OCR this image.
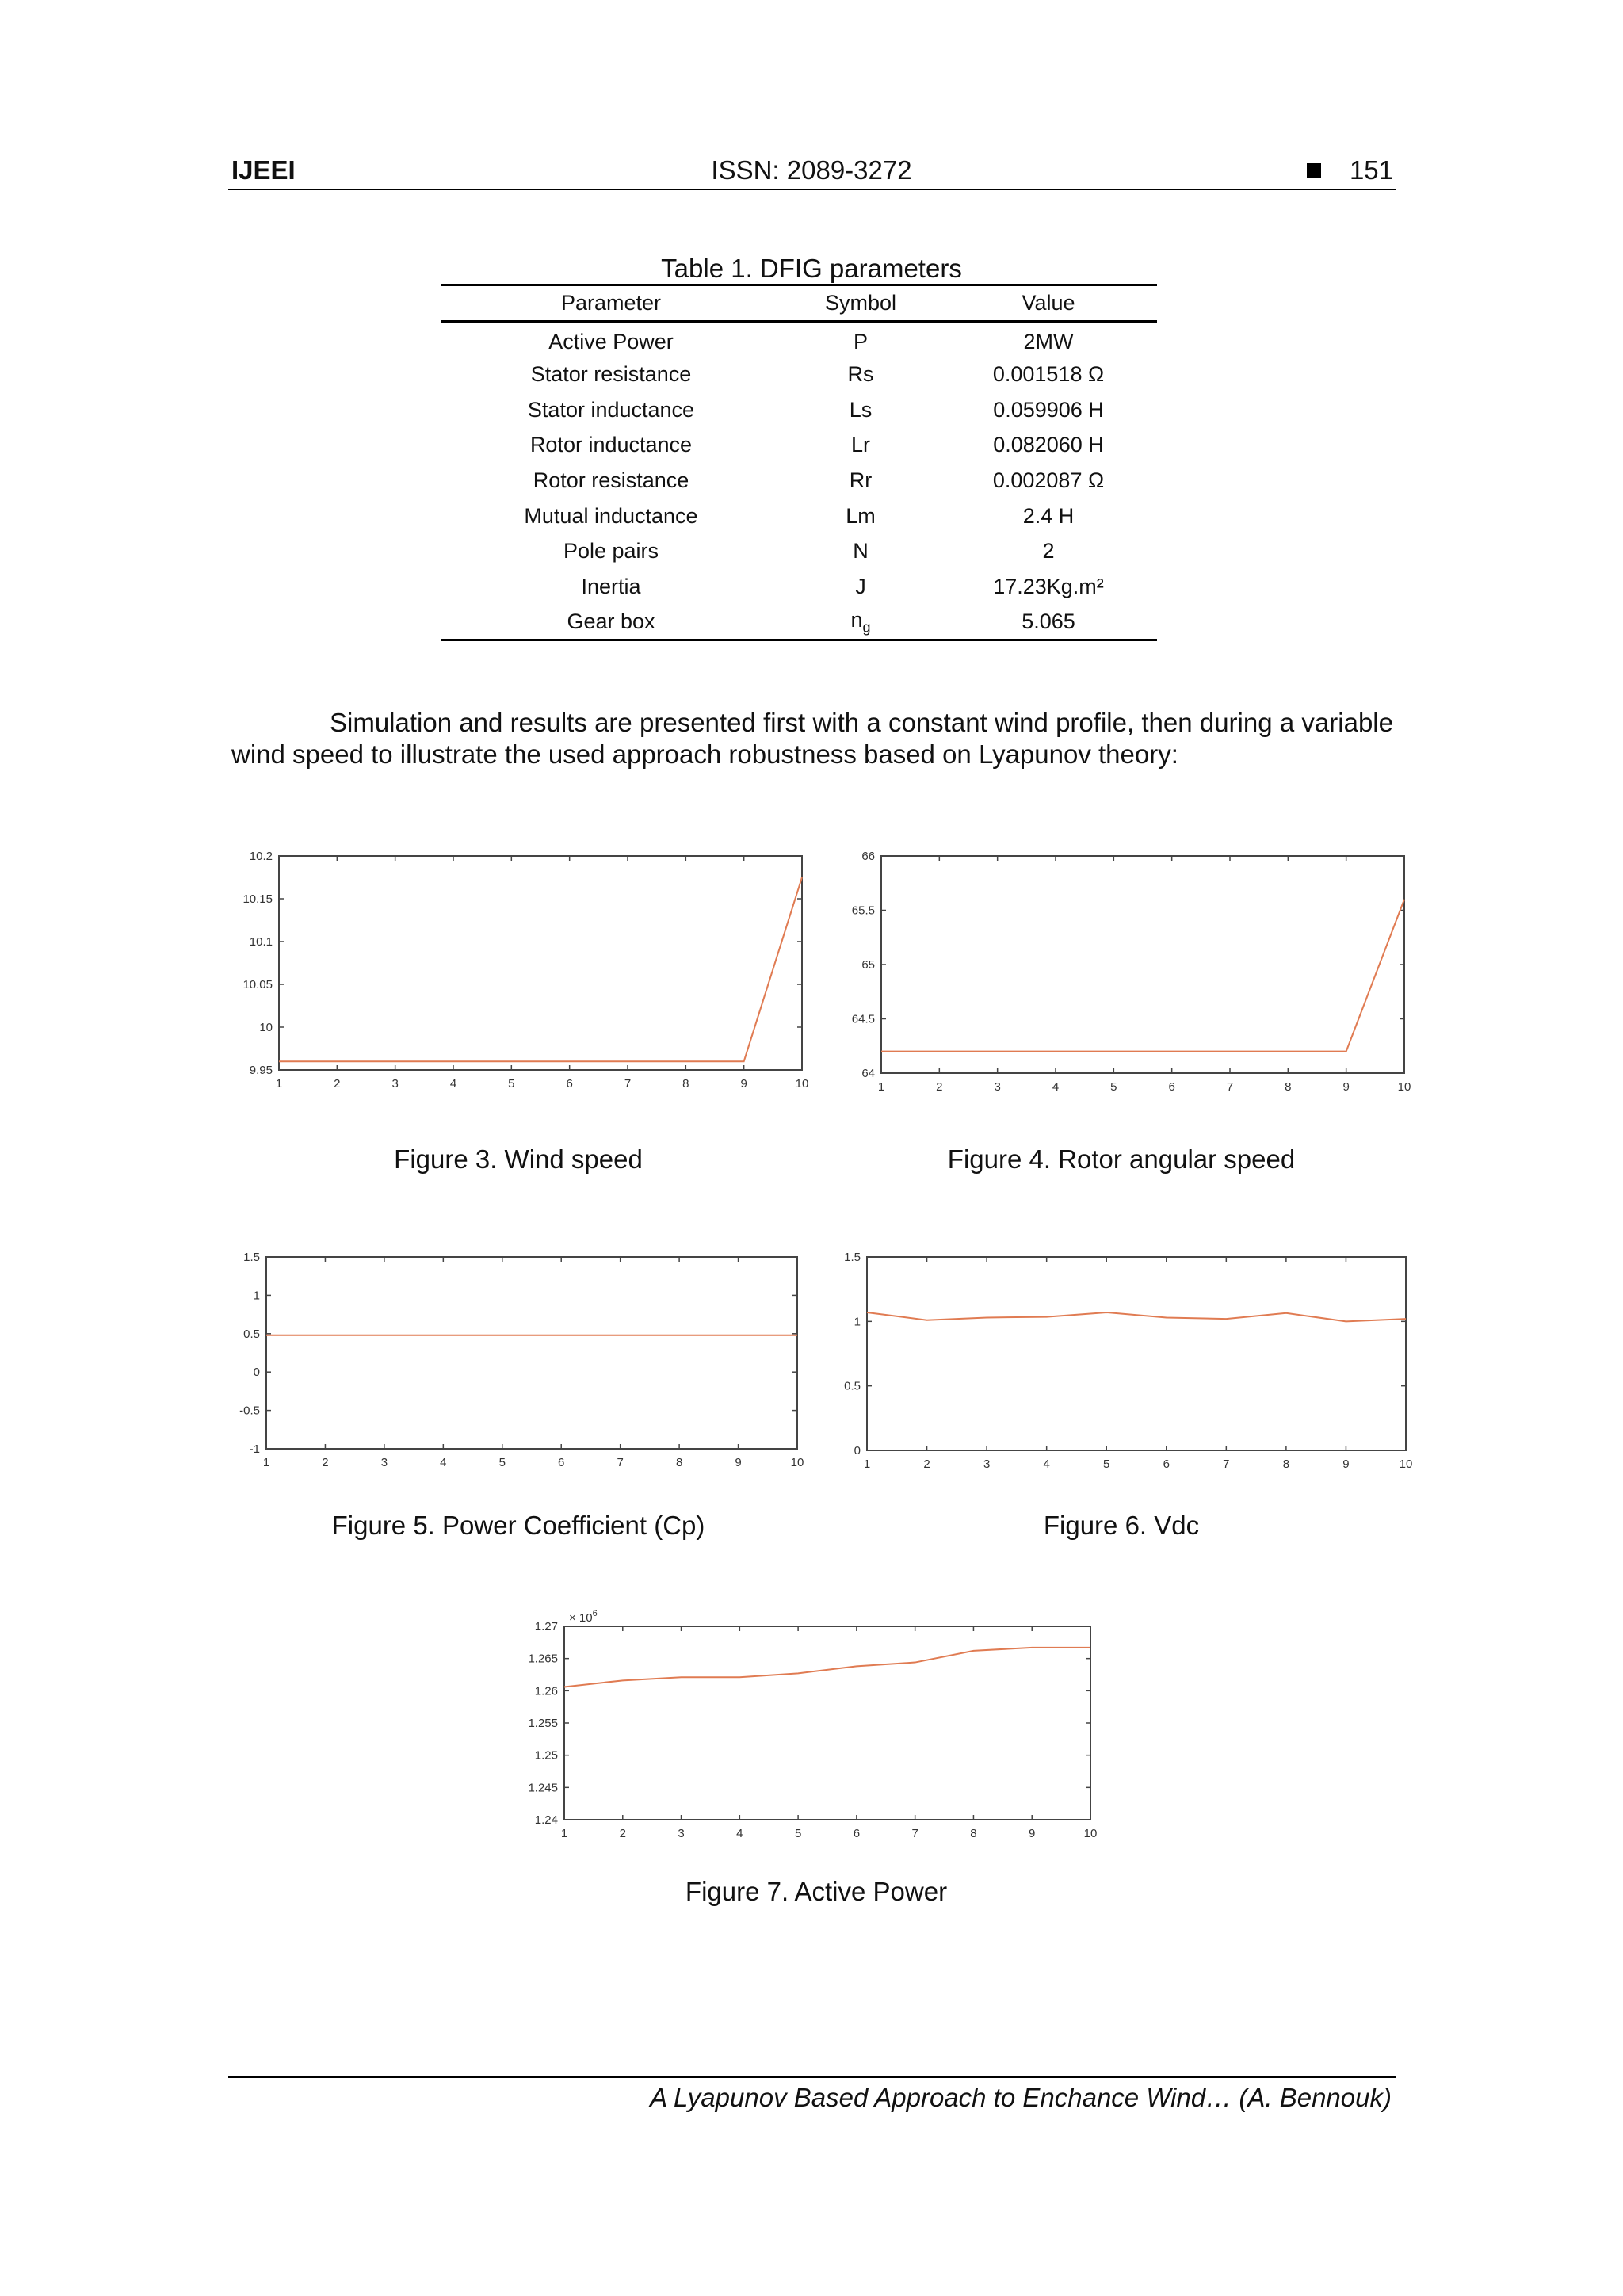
IJEEI	ISSN: 2089-3272	151
Table 1. DFIG parameters
Parameter	Symbol	Value
Active Power	P	2MW
Stator resistance	Rs	0.001518 Ω
Stator inductance	Ls	0.059906 H
Rotor inductance	Lr	0.082060 H
Rotor resistance	Rr	0.002087 Ω
Mutual inductance	Lm	2.4 H
Pole pairs	N	2
Inertia	J	17.23Kg.m²
Gear box	$n_g$	5.065
Simulation and results are presented first with a constant wind profile, then during a variable wind speed to illustrate the used approach robustness based on Lyapunov theory:
1	2	3	4	5	6	7	8	9	10
9.95
10
10.05
10.1
10.15
10.2
Figure 3. Wind speed
1	2	3	4	5	6	7	8	9	10
64
64.5
65
65.5
66
Figure 4. Rotor angular speed
1	2	3	4	5	6	7	8	9	10
-1
-0.5
0
0.5
1
1.5
Figure 5. Power Coefficient (Cp)
1	2	3	4	5	6	7	8	9	10
0
0.5
1
1.5
Figure 6. Vdc
1	2	3	4	5	6	7	8	9	10
1.24
1.245
1.25
1.255
1.26
1.265
1.27
× $10^6$
Figure 7. Active Power
A Lyapunov Based Approach to Enchance Wind… (A. Bennouk)
